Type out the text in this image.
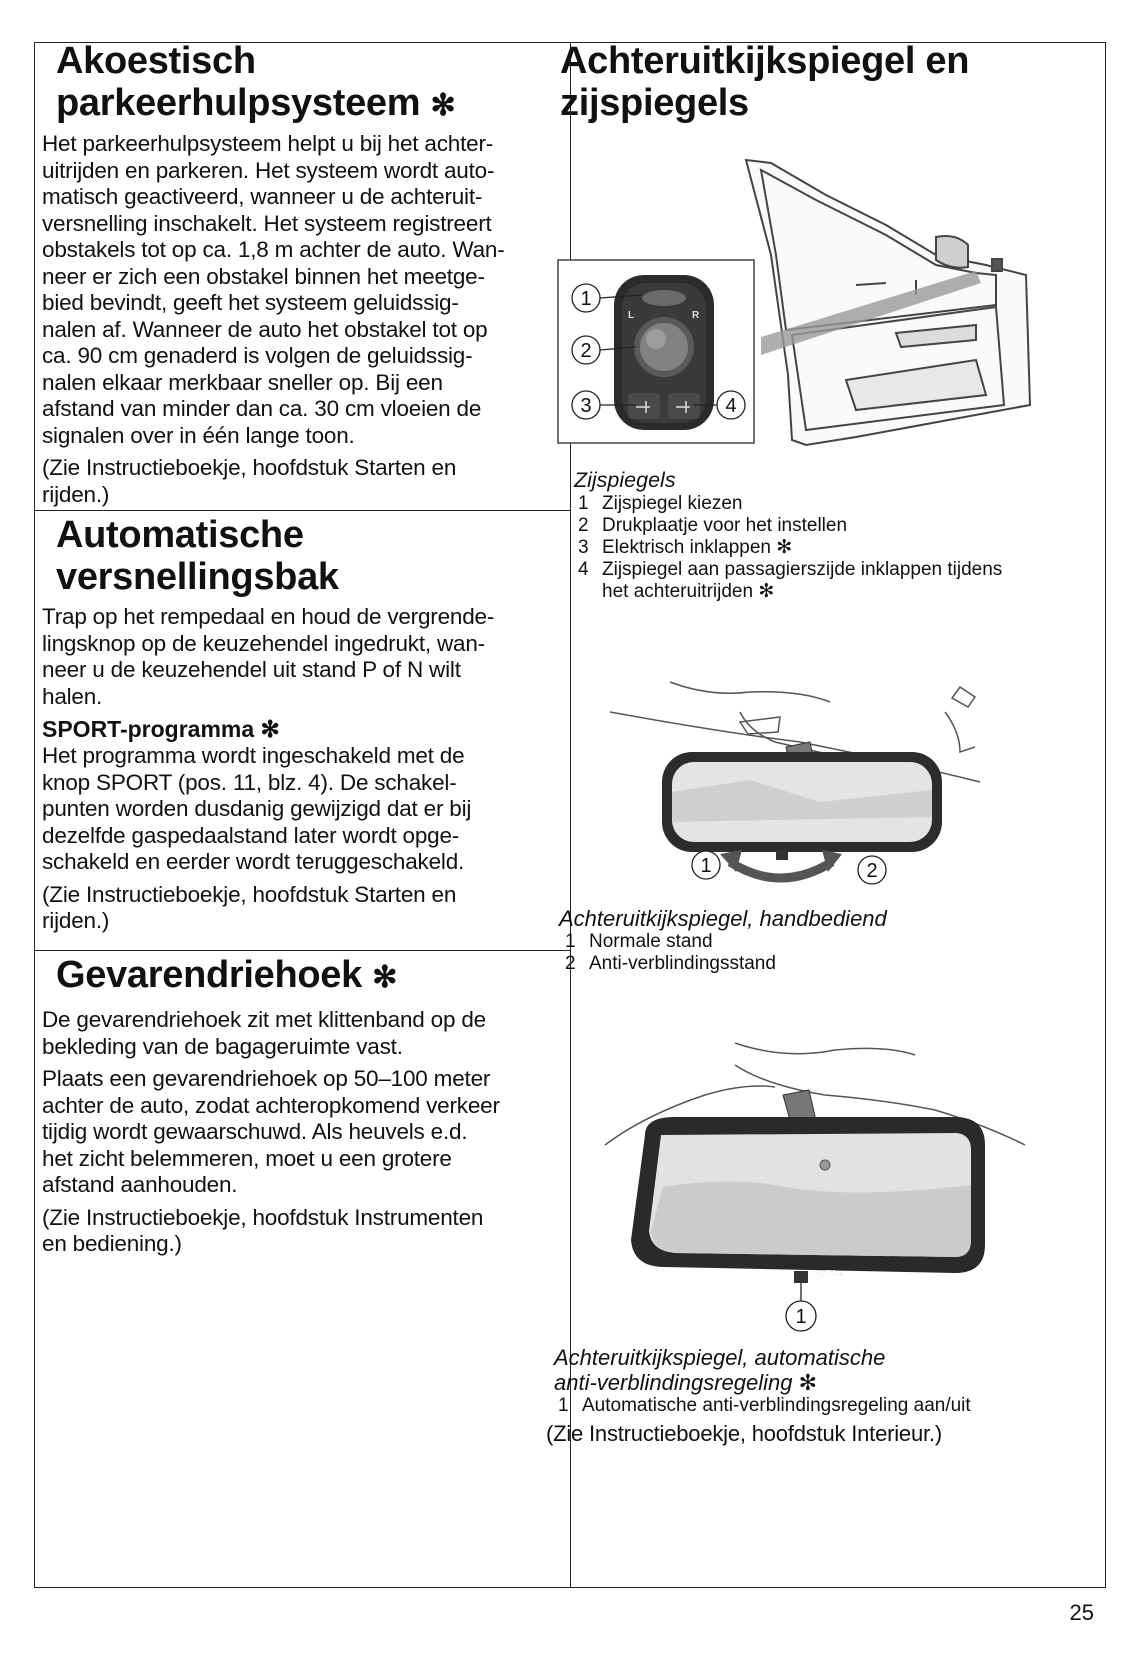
Akoestisch
parkeerhulpsysteem ✻

Het parkeerhulpsysteem helpt u bij het achter-
uitrijden en parkeren. Het systeem wordt auto-
matisch geactiveerd, wanneer u de achteruit-
versnelling inschakelt. Het systeem registreert
obstakels tot op ca. 1,8 m achter de auto. Wan-
neer er zich een obstakel binnen het meetge-
bied bevindt, geeft het systeem geluidssig-
nalen af. Wanneer de auto het obstakel tot op
ca. 90 cm genaderd is volgen de geluidssig-
nalen elkaar merkbaar sneller op. Bij een
afstand van minder dan ca. 30 cm vloeien de
signalen over in één lange toon.

(Zie Instructieboekje, hoofdstuk Starten en
rijden.)

Automatische
versnellingsbak

Trap op het rempedaal en houd de vergrende-
lingsknop op de keuzehendel ingedrukt, wan-
neer u de keuzehendel uit stand P of N wilt
halen.

SPORT-programma ✻

Het programma wordt ingeschakeld met de
knop SPORT (pos. 11, blz. 4). De schakel-
punten worden dusdanig gewijzigd dat er bij
dezelfde gaspedaalstand later wordt opge-
schakeld en eerder wordt teruggeschakeld.

(Zie Instructieboekje, hoofdstuk Starten en
rijden.)

Gevarendriehoek ✻

De gevarendriehoek zit met klittenband op de
bekleding van de bagageruimte vast.

Plaats een gevarendriehoek op 50–100 meter
achter de auto, zodat achteropkomend verkeer
tijdig wordt gewaarschuwd. Als heuvels e.d.
het zicht belemmeren, moet u een grotere
afstand aanhouden.

(Zie Instructieboekje, hoofdstuk Instrumenten
en bediening.)

Achteruitkijkspiegel en
zijspiegels
L	R
1
2
3	4

Zijspiegels

1 Zijspiegel kiezen
2 Drukplaatje voor het instellen
3 Elektrisch inklappen ✻
4 Zijspiegel aan passagierszijde inklappen tijdens
het achteruitrijden ✻
1	2

Achteruitkijkspiegel, handbediend

1 Normale stand
2 Anti-verblindingsstand
AUTO▲
1

Achteruitkijkspiegel, automatische
anti-verblindingsregeling ✻

1 Automatische anti-verblindingsregeling aan/uit

(Zie Instructieboekje, hoofdstuk Interieur.)

25
